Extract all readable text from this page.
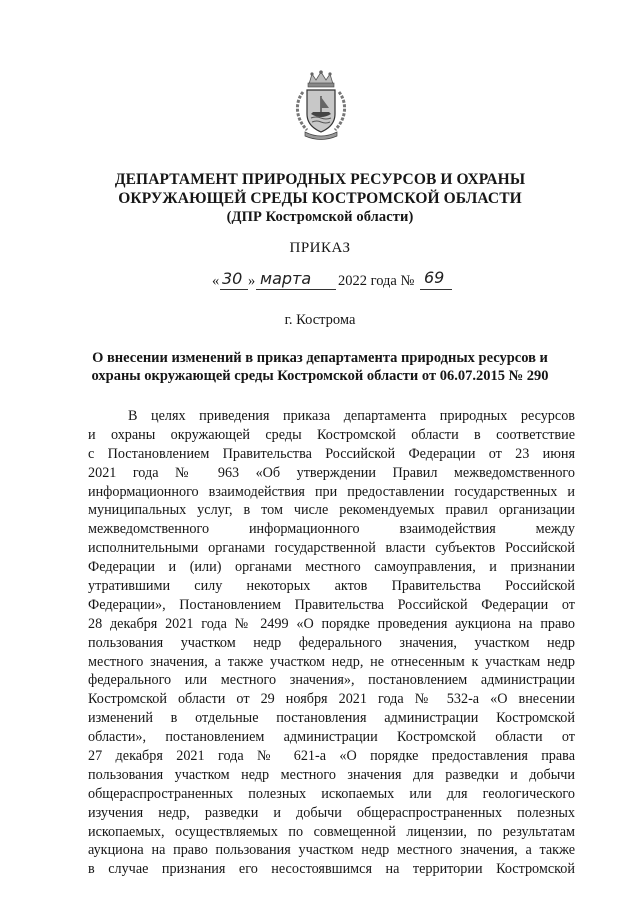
ДЕПАРТАМЕНТ ПРИРОДНЫХ РЕСУРСОВ И ОХРАНЫ
ОКРУЖАЮЩЕЙ СРЕДЫ КОСТРОМСКОЙ ОБЛАСТИ
(ДПР Костромской области)
ПРИКАЗ
« 30 » марта 2022 года № 69
г. Кострома
О внесении изменений в приказ департамента природных ресурсов и
охраны окружающей среды Костромской области от 06.07.2015 № 290
В целях приведения приказа департамента природных ресурсов
и охраны окружающей среды Костромской области в соответствие
с Постановлением Правительства Российской Федерации от 23 июня
2021 года № 963 «Об утверждении Правил межведомственного
информационного взаимодействия при предоставлении государственных и
муниципальных услуг, в том числе рекомендуемых правил организации
межведомственного информационного взаимодействия между
исполнительными органами государственной власти субъектов Российской
Федерации и (или) органами местного самоуправления, и признании
утратившими силу некоторых актов Правительства Российской
Федерации», Постановлением Правительства Российской Федерации от
28 декабря 2021 года № 2499 «О порядке проведения аукциона на право
пользования участком недр федерального значения, участком недр
местного значения, а также участком недр, не отнесенным к участкам недр
федерального или местного значения», постановлением администрации
Костромской области от 29 ноября 2021 года № 532-а «О внесении
изменений в отдельные постановления администрации Костромской
области», постановлением администрации Костромской области от
27 декабря 2021 года № 621-а «О порядке предоставления права
пользования участком недр местного значения для разведки и добычи
общераспространенных полезных ископаемых или для геологического
изучения недр, разведки и добычи общераспространенных полезных
ископаемых, осуществляемых по совмещенной лицензии, по результатам
аукциона на право пользования участком недр местного значения, а также
в случае признания его несостоявшимся на территории Костромской
